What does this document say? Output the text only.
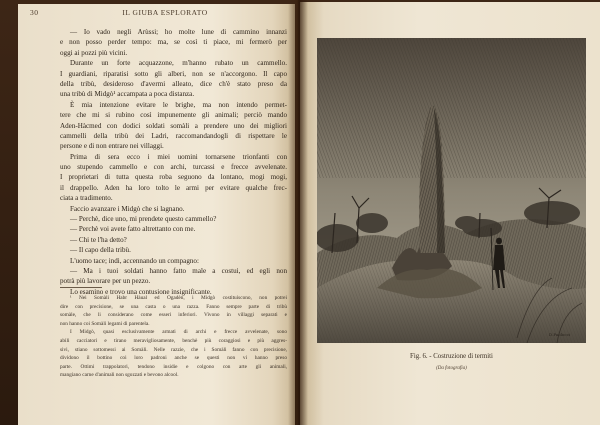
30	IL GIUBA ESPLORATO
— Io vado negli Arùssi; ho molte lune di cammino innanzi
e non posso perder tempo: ma, se così ti piace, mi fermerò per
oggi ai pozzi più vicini.
Durante un forte acquazzone, m'hanno rubato un cammello.
I guardiani, riparatisi sotto gli alberi, non se n'accorgono. Il capo
della tribù, desideroso d'avermi alleato, dice ch'è stato preso da
una tribù di Midgò¹ accampata a poca distanza.
È mia intenzione evitare le brighe, ma non intendo permet-
tere che mi si rubino così impunemente gli animali; perciò mando
Aden-Hàcmed con dodici soldati somàli a prendere uno dei migliori
cammelli della tribù dei Ladri, raccomandandogli di rispettare le
persone e di non entrare nei villaggi.
Prima di sera ecco i miei uomini tornarsene trionfanti con
uno stupendo cammello e con archi, turcassi e frecce avvelenate.
I proprietari di tutta questa roba seguono da lontano, mogi mogi,
il drappello. Aden ha loro tolto le armi per evitare qualche frec-
ciata a tradimento.
Faccio avanzare i Midgò che si lagnano.
— Perchè, dice uno, mi prendete questo cammello?
— Perchè voi avete fatto altrettanto con me.
— Chi te l'ha detto?
— Il capo della tribù.
L'uomo tace; indi, accennando un compagno:
— Ma i tuoi soldati hanno fatto male a costui, ed egli non
potrà più lavorare per un pezzo.
Lo esamino e trovo una contusione insignificante.
¹ Nei Somàli Habr Hàual ed Ogadèn, i Midgò costituiscono, non potrei
dire con precisione, se una casta o una razza. Fanno sempre parte di tribù
somàle, che li considerano come esseri inferiori. Vivono in villaggi separati e
non hanno coi Somàli legami di parentela.
I Midgò, quasi esclusivamente armati di archi e frecce avvelenate, sono
abili cacciatori e tirano meravigliosamente, benchè più coraggiosi e più aggres-
sivi, stiano sottomessi ai Somàli. Nelle razzie, che i Somàli fanno con precisione,
dividono il bottino coi loro padroni anche se questi non vi hanno preso
parte. Ottimi trappolatori, tendono insidie e colgono con arte gli animali,
mangiano carne d'animali non sgozzati e bevono alcool.
D.Paolocci
Fig. 6. - Costruzione di termiti
(Da fotografia)
